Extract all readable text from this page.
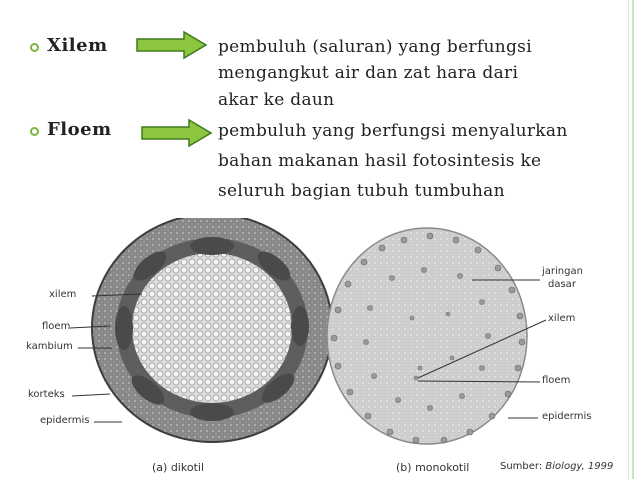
Xilem	pembuluh (saluran) yang berfungsi
mengangkut air dan zat hara dari
akar ke daun
Floem	pembuluh yang berfungsi menyalurkan
bahan makanan hasil fotosintesis ke
seluruh bagian tubuh tumbuhan
xilem
floem
kambium
korteks
epidermis
jaringan
dasar
xilem
floem
epidermis
(a) dikotil	(b) monokotil	Sumber: Biology, 1999
